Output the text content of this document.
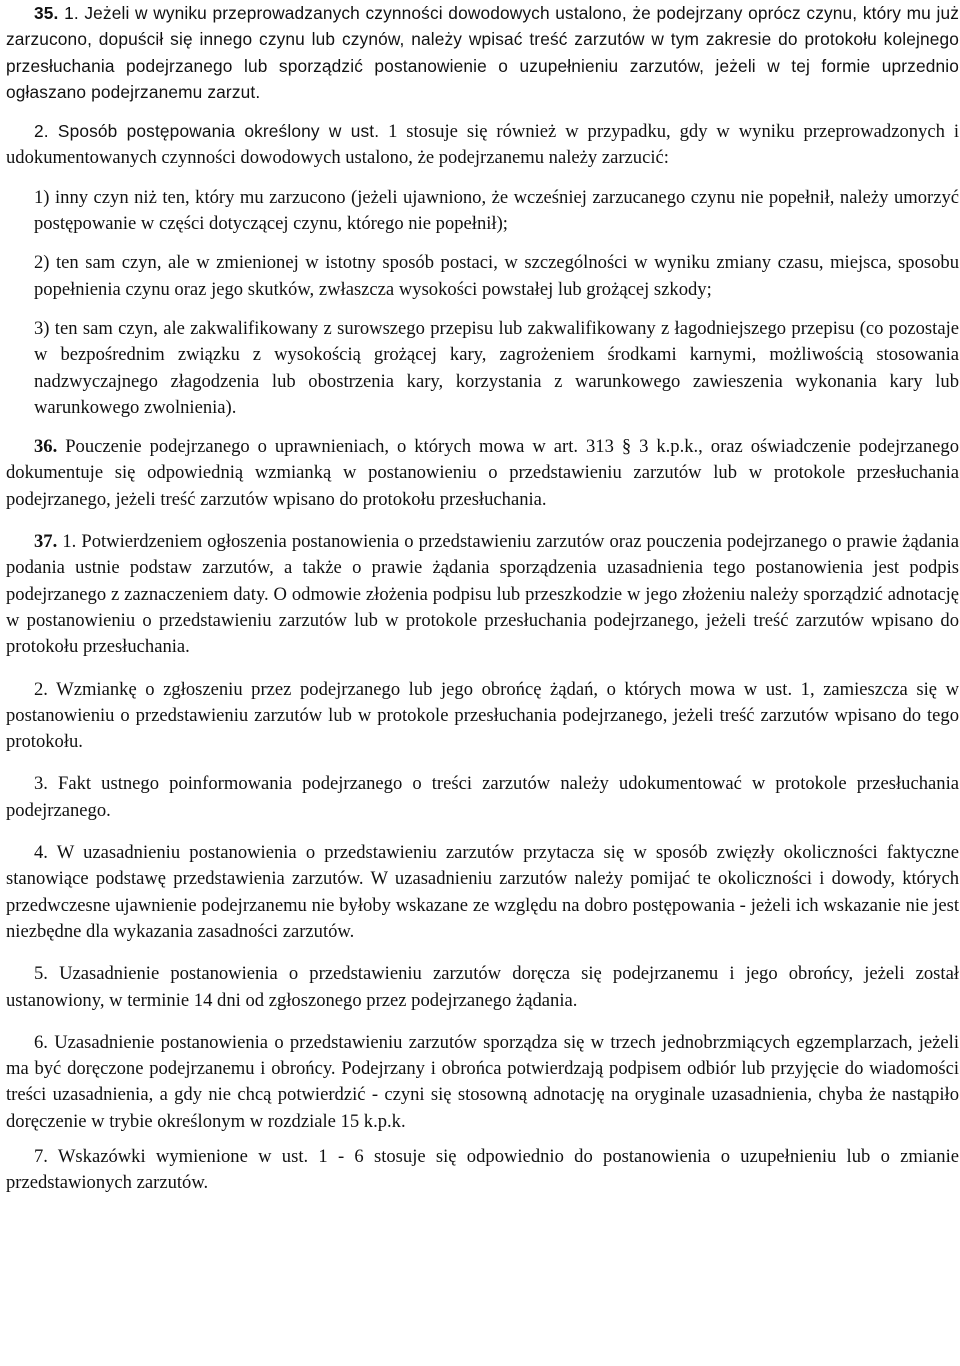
35. 1. Jeżeli w wyniku przeprowadzanych czynności dowodowych ustalono, że podejrzany oprócz czynu, który mu już zarzucono, dopuścił się innego czynu lub czynów, należy wpisać treść zarzutów w tym zakresie do protokołu kolejnego przesłuchania podejrzanego lub sporządzić postanowienie o uzupełnieniu zarzutów, jeżeli w tej formie uprzednio ogłaszano podejrzanemu zarzut.

2. Sposób postępowania określony w ust. 1 stosuje się również w przypadku, gdy w wyniku przeprowadzonych i udokumentowanych czynności dowodowych ustalono, że podejrzanemu należy zarzucić:

1) inny czyn niż ten, który mu zarzucono (jeżeli ujawniono, że wcześniej zarzucanego czynu nie popełnił, należy umorzyć postępowanie w części dotyczącej czynu, którego nie popełnił);

2) ten sam czyn, ale w zmienionej w istotny sposób postaci, w szczególności w wyniku zmiany czasu, miejsca, sposobu popełnienia czynu oraz jego skutków, zwłaszcza wysokości powstałej lub grożącej szkody;

3) ten sam czyn, ale zakwalifikowany z surowszego przepisu lub zakwalifikowany z łagodniejszego przepisu (co pozostaje w bezpośrednim związku z wysokością grożącej kary, zagrożeniem środkami karnymi, możliwością stosowania nadzwyczajnego złagodzenia lub obostrzenia kary, korzystania z warunkowego zawieszenia wykonania kary lub warunkowego zwolnienia).

36. Pouczenie podejrzanego o uprawnieniach, o których mowa w art. 313 § 3 k.p.k., oraz oświadczenie podejrzanego dokumentuje się odpowiednią wzmianką w postanowieniu o przedstawieniu zarzutów lub w protokole przesłuchania podejrzanego, jeżeli treść zarzutów wpisano do protokołu przesłuchania.

37. 1. Potwierdzeniem ogłoszenia postanowienia o przedstawieniu zarzutów oraz pouczenia podejrzanego o prawie żądania podania ustnie podstaw zarzutów, a także o prawie żądania sporządzenia uzasadnienia tego postanowienia jest podpis podejrzanego z zaznaczeniem daty. O odmowie złożenia podpisu lub przeszkodzie w jego złożeniu należy sporządzić adnotację w postanowieniu o przedstawieniu zarzutów lub w protokole przesłuchania podejrzanego, jeżeli treść zarzutów wpisano do protokołu przesłuchania.

2. Wzmiankę o zgłoszeniu przez podejrzanego lub jego obrońcę żądań, o których mowa w ust. 1, zamieszcza się w postanowieniu o przedstawieniu zarzutów lub w protokole przesłuchania podejrzanego, jeżeli treść zarzutów wpisano do tego protokołu.

3. Fakt ustnego poinformowania podejrzanego o treści zarzutów należy udokumentować w protokole przesłuchania podejrzanego.

4. W uzasadnieniu postanowienia o przedstawieniu zarzutów przytacza się w sposób zwięzły okoliczności faktyczne stanowiące podstawę przedstawienia zarzutów. W uzasadnieniu zarzutów należy pomijać te okoliczności i dowody, których przedwczesne ujawnienie podejrzanemu nie byłoby wskazane ze względu na dobro postępowania - jeżeli ich wskazanie nie jest niezbędne dla wykazania zasadności zarzutów.

5. Uzasadnienie postanowienia o przedstawieniu zarzutów doręcza się podejrzanemu i jego obrońcy, jeżeli został ustanowiony, w terminie 14 dni od zgłoszonego przez podejrzanego żądania.

6. Uzasadnienie postanowienia o przedstawieniu zarzutów sporządza się w trzech jednobrzmiących egzemplarzach, jeżeli ma być doręczone podejrzanemu i obrońcy. Podejrzany i obrońca potwierdzają podpisem odbiór lub przyjęcie do wiadomości treści uzasadnienia, a gdy nie chcą potwierdzić - czyni się stosowną adnotację na oryginale uzasadnienia, chyba że nastąpiło doręczenie w trybie określonym w rozdziale 15 k.p.k.

7. Wskazówki wymienione w ust. 1 - 6 stosuje się odpowiednio do postanowienia o uzupełnieniu lub o zmianie przedstawionych zarzutów.
